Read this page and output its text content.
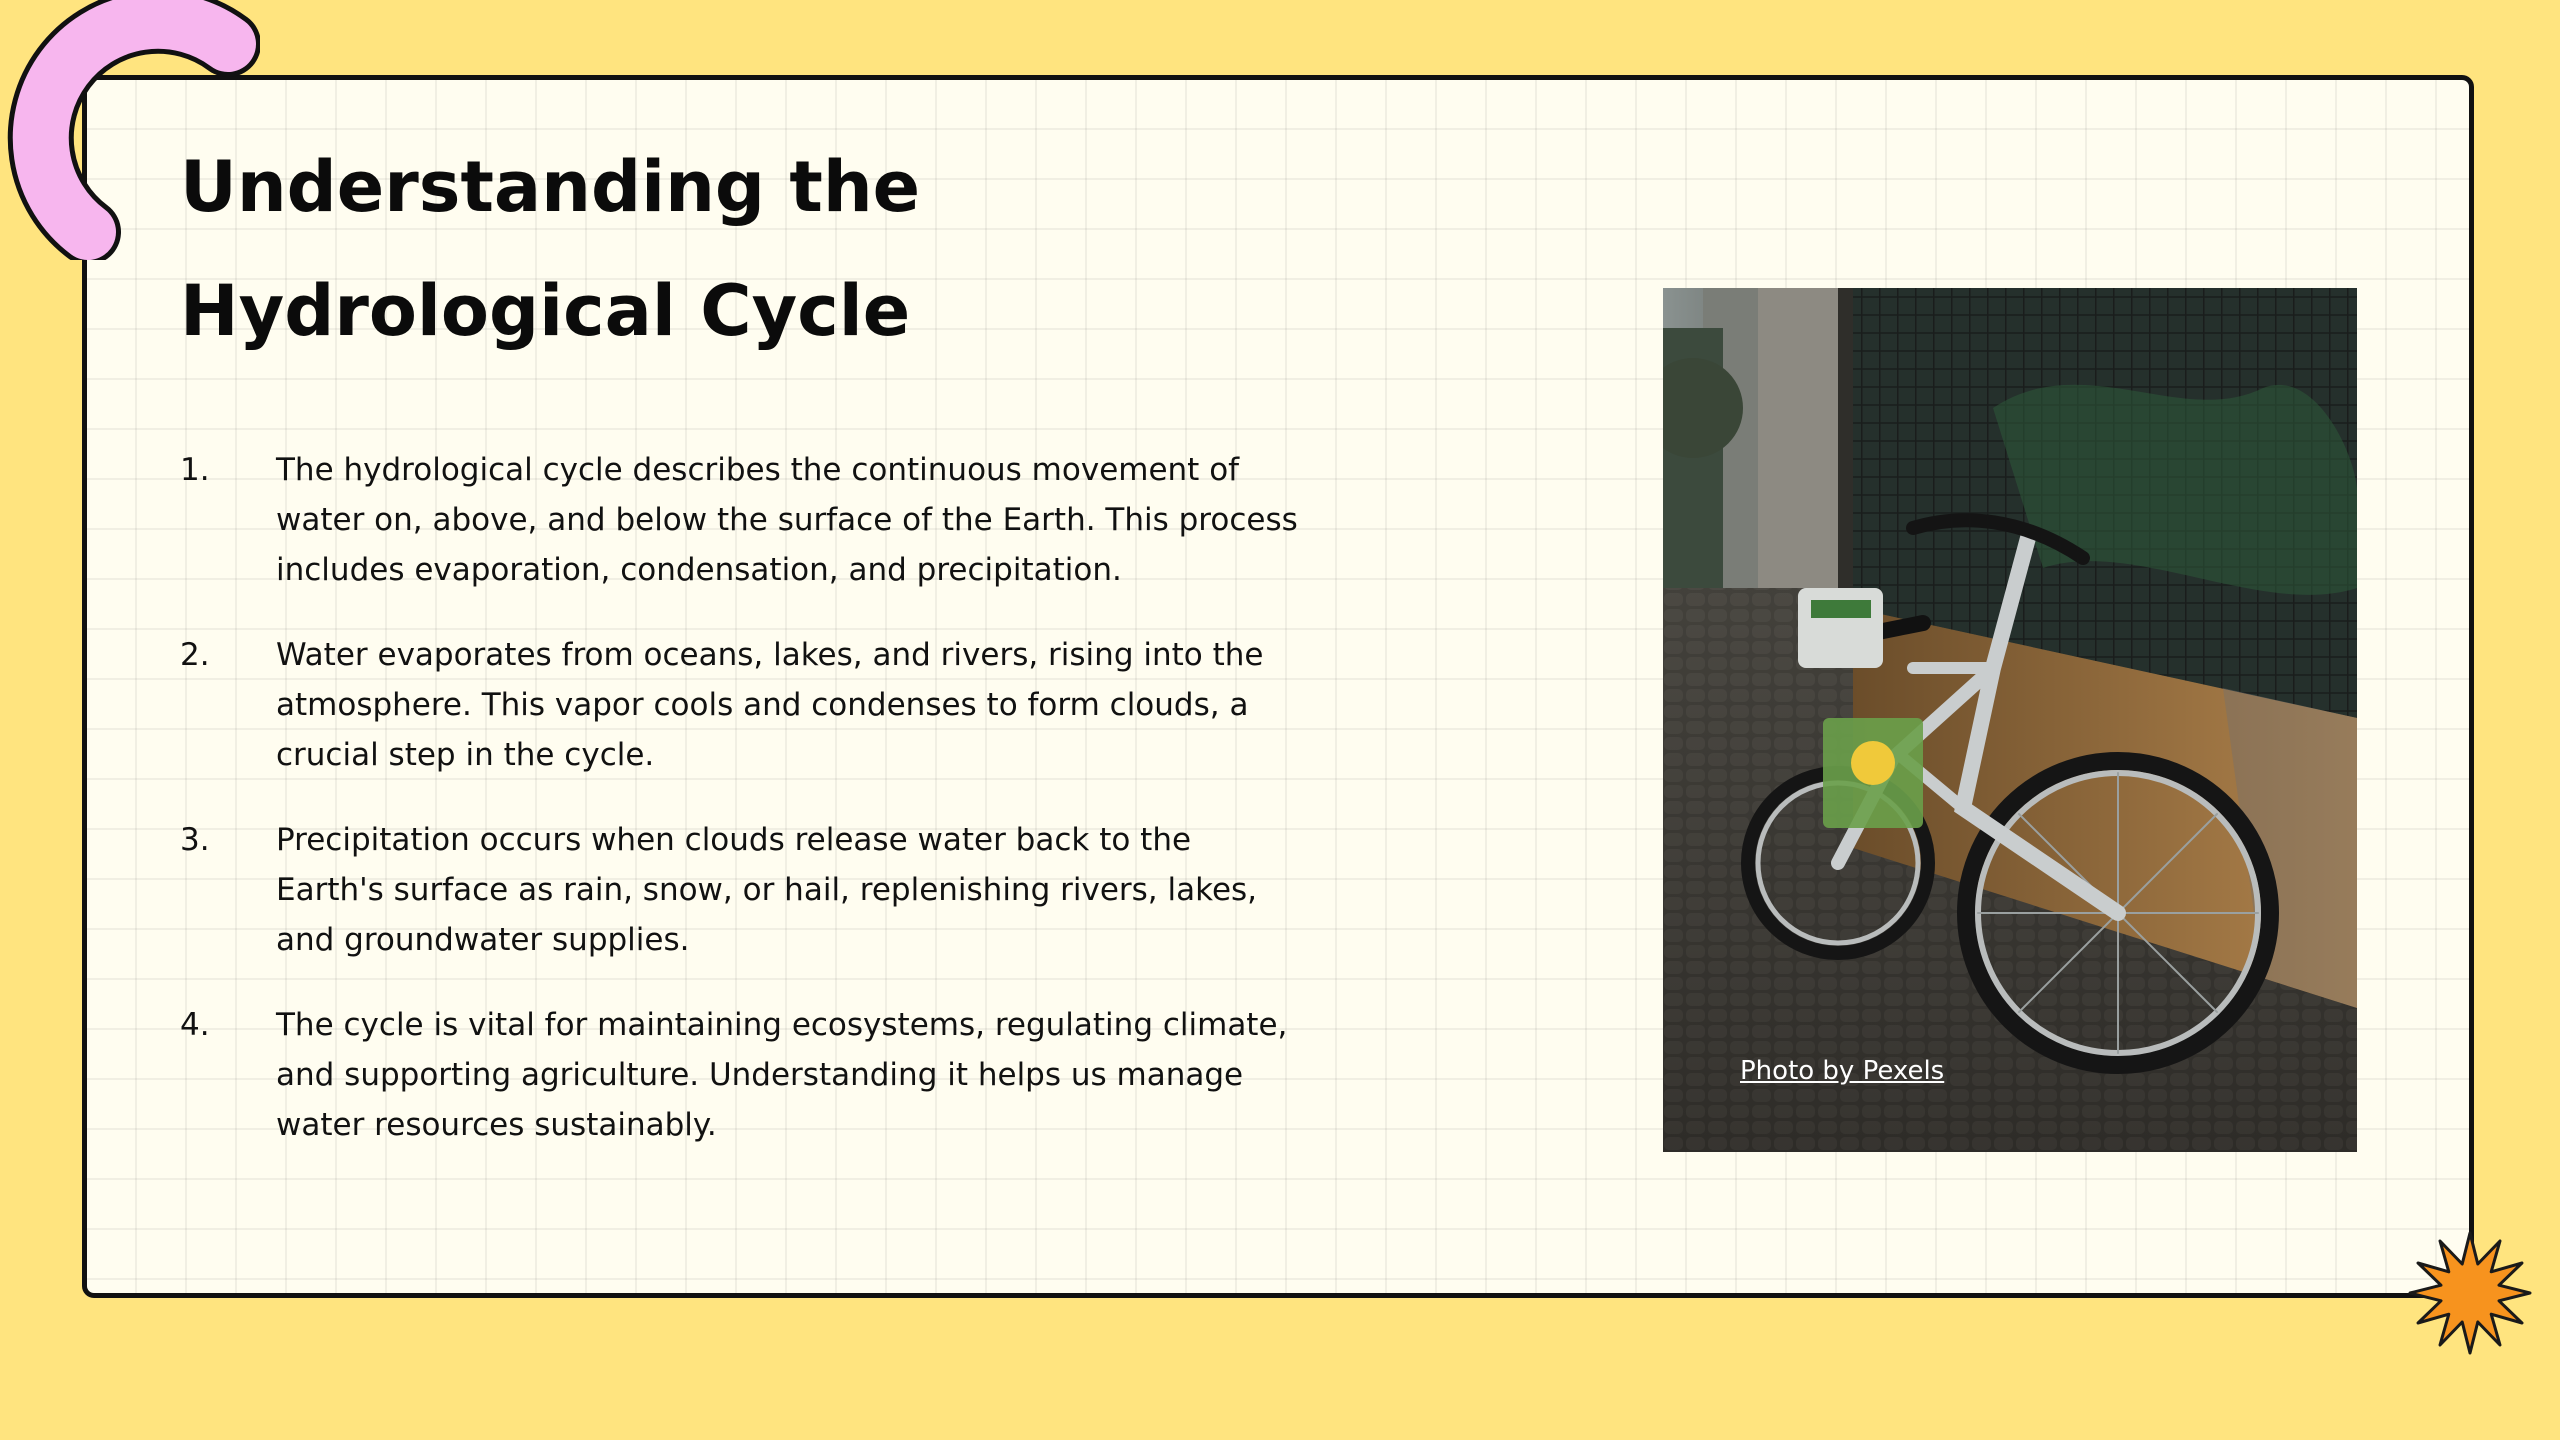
Understanding the
Hydrological Cycle
1. The hydrological cycle describes the continuous movement of water on, above, and below the surface of the Earth. This process includes evaporation, condensation, and precipitation.
2. Water evaporates from oceans, lakes, and rivers, rising into the atmosphere. This vapor cools and condenses to form clouds, a crucial step in the cycle.
3. Precipitation occurs when clouds release water back to the Earth's surface as rain, snow, or hail, replenishing rivers, lakes, and groundwater supplies.
4. The cycle is vital for maintaining ecosystems, regulating climate, and supporting agriculture. Understanding it helps us manage water resources sustainably.
Photo by Pexels
